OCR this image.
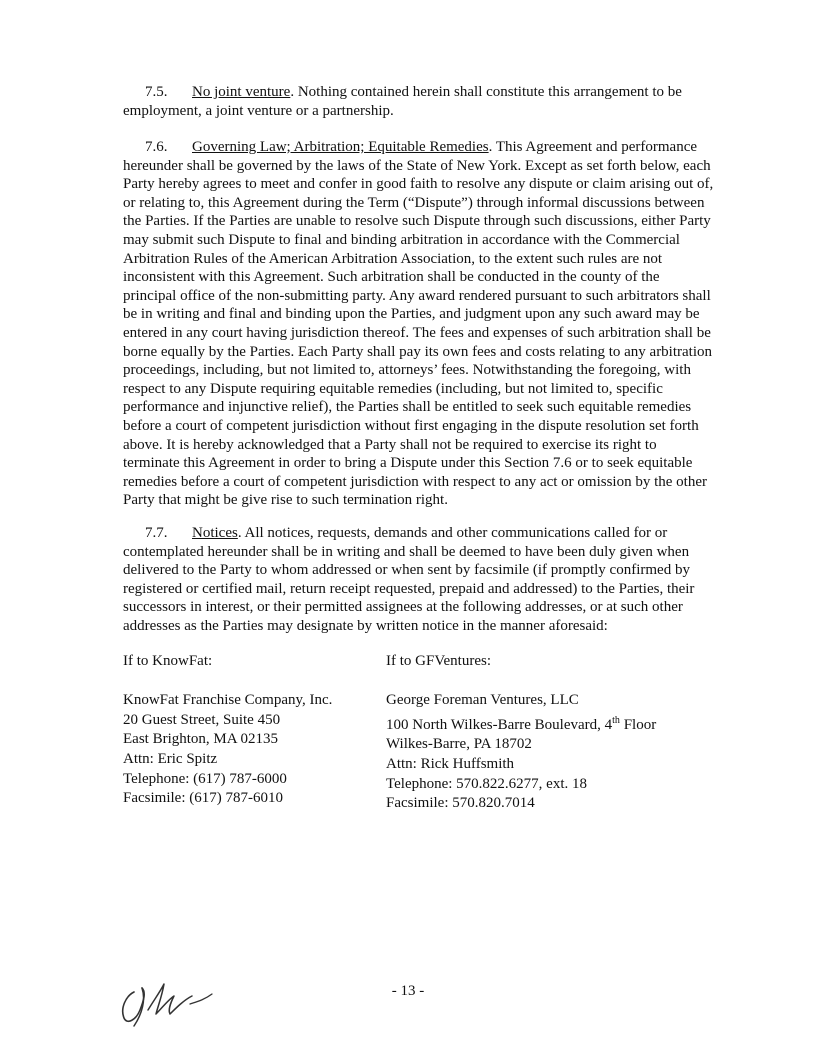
7.5. No joint venture. Nothing contained herein shall constitute this arrangement to be employment, a joint venture or a partnership.

7.6. Governing Law; Arbitration; Equitable Remedies. This Agreement and performance hereunder shall be governed by the laws of the State of New York. Except as set forth below, each Party hereby agrees to meet and confer in good faith to resolve any dispute or claim arising out of, or relating to, this Agreement during the Term (“Dispute”) through informal discussions between the Parties. If the Parties are unable to resolve such Dispute through such discussions, either Party may submit such Dispute to final and binding arbitration in accordance with the Commercial Arbitration Rules of the American Arbitration Association, to the extent such rules are not inconsistent with this Agreement. Such arbitration shall be conducted in the county of the principal office of the non-submitting party. Any award rendered pursuant to such arbitrators shall be in writing and final and binding upon the Parties, and judgment upon any such award may be entered in any court having jurisdiction thereof. The fees and expenses of such arbitration shall be borne equally by the Parties. Each Party shall pay its own fees and costs relating to any arbitration proceedings, including, but not limited to, attorneys’ fees. Notwithstanding the foregoing, with respect to any Dispute requiring equitable remedies (including, but not limited to, specific performance and injunctive relief), the Parties shall be entitled to seek such equitable remedies before a court of competent jurisdiction without first engaging in the dispute resolution set forth above. It is hereby acknowledged that a Party shall not be required to exercise its right to terminate this Agreement in order to bring a Dispute under this Section 7.6 or to seek equitable remedies before a court of competent jurisdiction with respect to any act or omission by the other Party that might be give rise to such termination right.

7.7. Notices. All notices, requests, demands and other communications called for or contemplated hereunder shall be in writing and shall be deemed to have been duly given when delivered to the Party to whom addressed or when sent by facsimile (if promptly confirmed by registered or certified mail, return receipt requested, prepaid and addressed) to the Parties, their successors in interest, or their permitted assignees at the following addresses, or at such other addresses as the Parties may designate by written notice in the manner aforesaid:

If to KnowFat:
KnowFat Franchise Company, Inc.
20 Guest Street, Suite 450
East Brighton, MA 02135
Attn: Eric Spitz
Telephone: (617) 787-6000
Facsimile: (617) 787-6010
If to GFVentures:
George Foreman Ventures, LLC
100 North Wilkes-Barre Boulevard, 4th Floor
Wilkes-Barre, PA 18702
Attn: Rick Huffsmith
Telephone: 570.822.6277, ext. 18
Facsimile: 570.820.7014
- 13 -
